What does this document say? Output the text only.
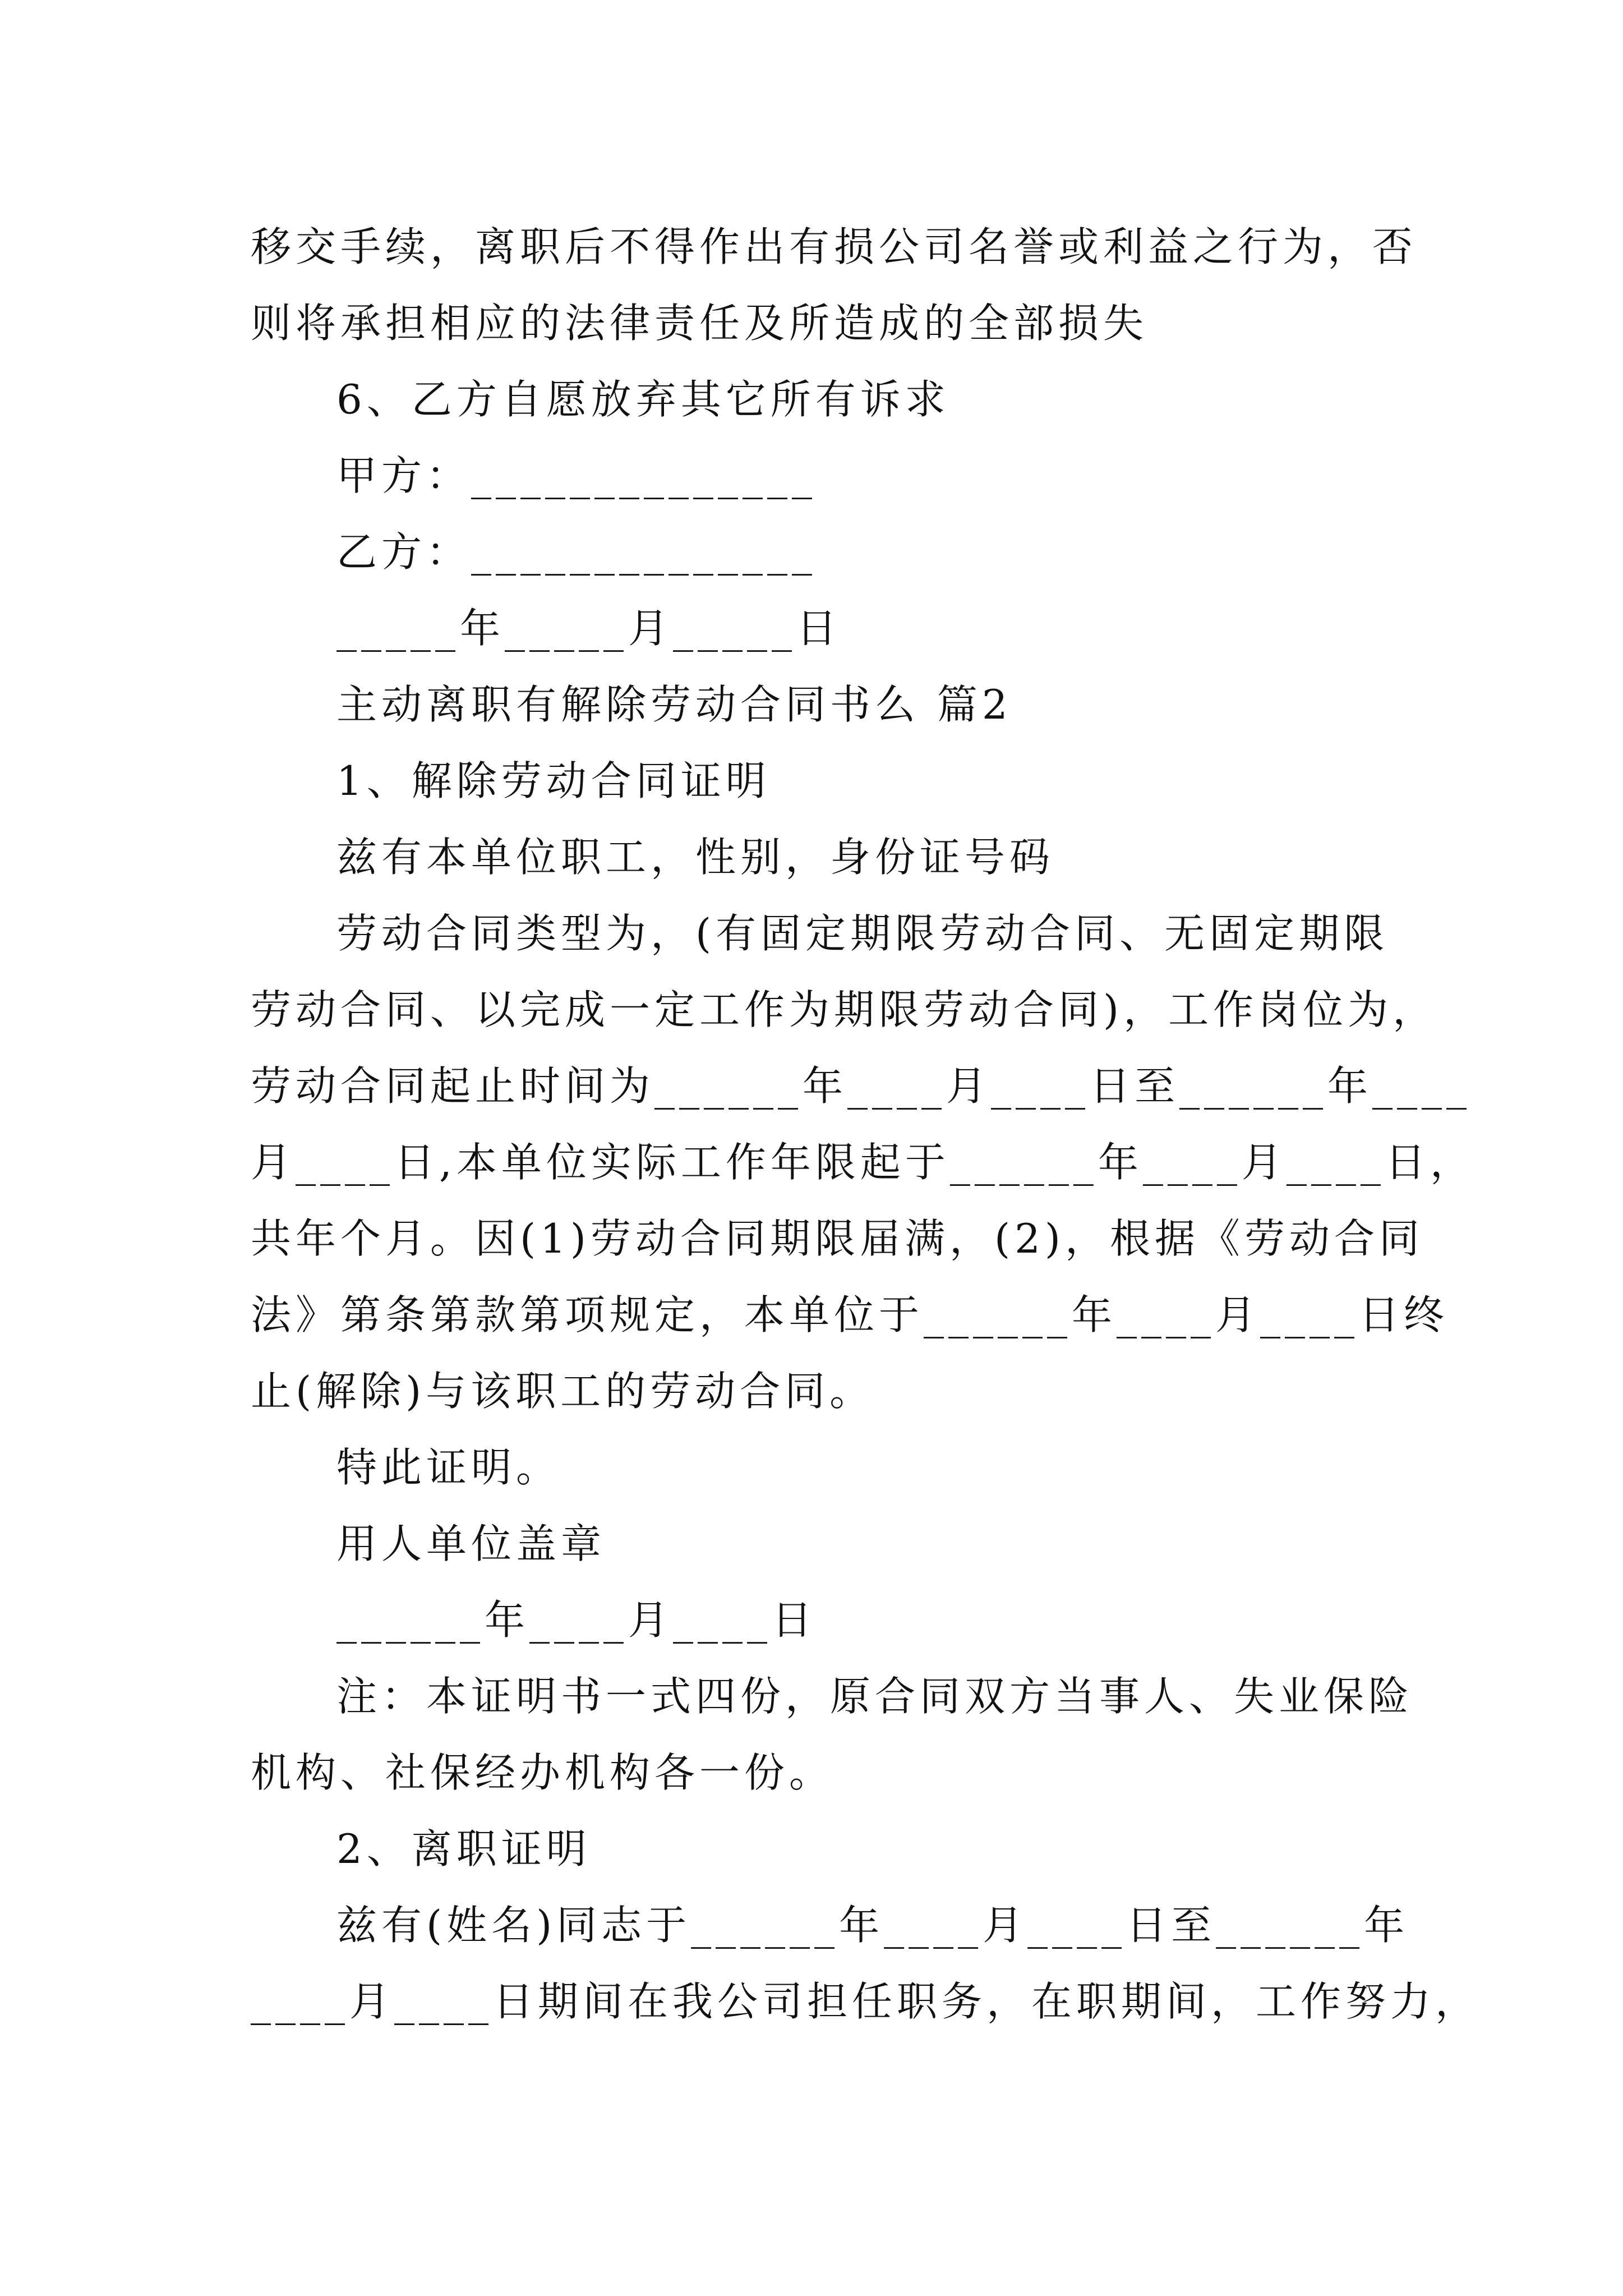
移交手续，离职后不得作出有损公司名誉或利益之行为，否
则将承担相应的法律责任及所造成的全部损失
6、乙方自愿放弃其它所有诉求
甲方：______________
乙方：______________
_____年_____月_____日
主动离职有解除劳动合同书么 篇2
1、解除劳动合同证明
兹有本单位职工，性别，身份证号码
劳动合同类型为，(有固定期限劳动合同、无固定期限
劳动合同、以完成一定工作为期限劳动合同)，工作岗位为，
劳动合同起止时间为______年____月____日至______年____
月____日,本单位实际工作年限起于______年____月____日，
共年个月。因(1)劳动合同期限届满，(2)，根据《劳动合同
法》第条第款第项规定，本单位于______年____月____日终
止(解除)与该职工的劳动合同。
特此证明。
用人单位盖章
______年____月____日
注：本证明书一式四份，原合同双方当事人、失业保险
机构、社保经办机构各一份。
2、离职证明
兹有(姓名)同志于______年____月____日至______年
____月____日期间在我公司担任职务，在职期间，工作努力，
